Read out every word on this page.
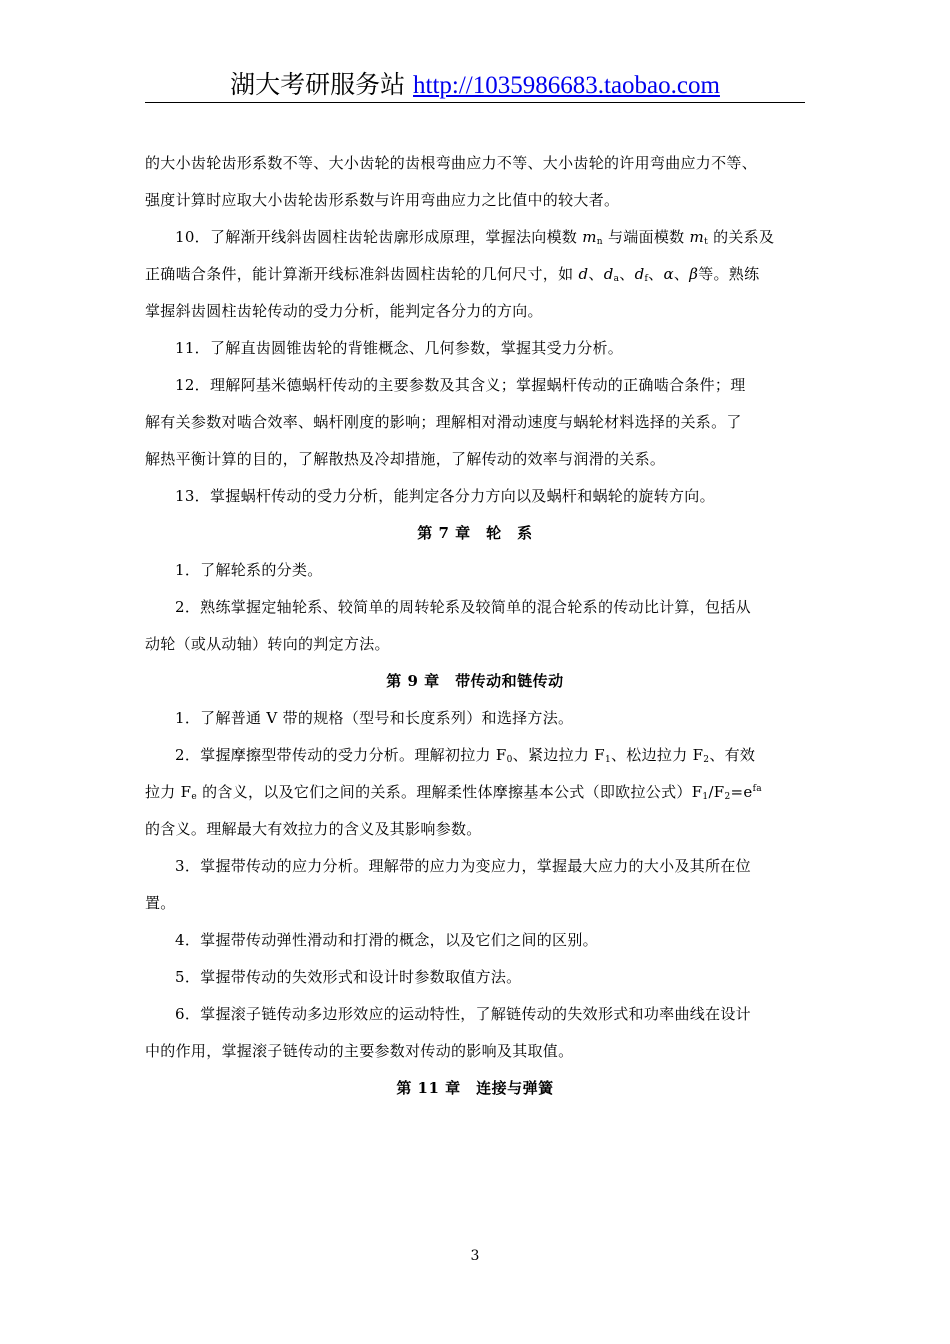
湖大考研服务站 http://1035986683.taobao.com
的大小齿轮齿形系数不等、大小齿轮的齿根弯曲应力不等、大小齿轮的许用弯曲应力不等、
强度计算时应取大小齿轮齿形系数与许用弯曲应力之比值中的较大者。
10．了解渐开线斜齿圆柱齿轮齿廓形成原理，掌握法向模数 $m_n$ 与端面模数 $m_t$ 的关系及
正确啮合条件，能计算渐开线标准斜齿圆柱齿轮的几何尺寸，如 d、$d_a$、$d_f$、α、β等。熟练
掌握斜齿圆柱齿轮传动的受力分析，能判定各分力的方向。
11．了解直齿圆锥齿轮的背锥概念、几何参数，掌握其受力分析。
12．理解阿基米德蜗杆传动的主要参数及其含义；掌握蜗杆传动的正确啮合条件；理
解有关参数对啮合效率、蜗杆刚度的影响；理解相对滑动速度与蜗轮材料选择的关系。了
解热平衡计算的目的，了解散热及冷却措施，了解传动的效率与润滑的关系。
13．掌握蜗杆传动的受力分析，能判定各分力方向以及蜗杆和蜗轮的旋转方向。
第 7 章　轮　系
1．了解轮系的分类。
2．熟练掌握定轴轮系、较简单的周转轮系及较简单的混合轮系的传动比计算，包括从
动轮（或从动轴）转向的判定方法。
第 9 章　带传动和链传动
1．了解普通 V 带的规格（型号和长度系列）和选择方法。
2．掌握摩擦型带传动的受力分析。理解初拉力 $F_0$、紧边拉力 $F_1$、松边拉力 $F_2$、有效
拉力 $F_e$ 的含义，以及它们之间的关系。理解柔性体摩擦基本公式（即欧拉公式）$F_1/F_2=e^{fa}$
的含义。理解最大有效拉力的含义及其影响参数。
3．掌握带传动的应力分析。理解带的应力为变应力，掌握最大应力的大小及其所在位
置。
4．掌握带传动弹性滑动和打滑的概念，以及它们之间的区别。
5．掌握带传动的失效形式和设计时参数取值方法。
6．掌握滚子链传动多边形效应的运动特性，了解链传动的失效形式和功率曲线在设计
中的作用，掌握滚子链传动的主要参数对传动的影响及其取值。
第 11 章　连接与弹簧
3
